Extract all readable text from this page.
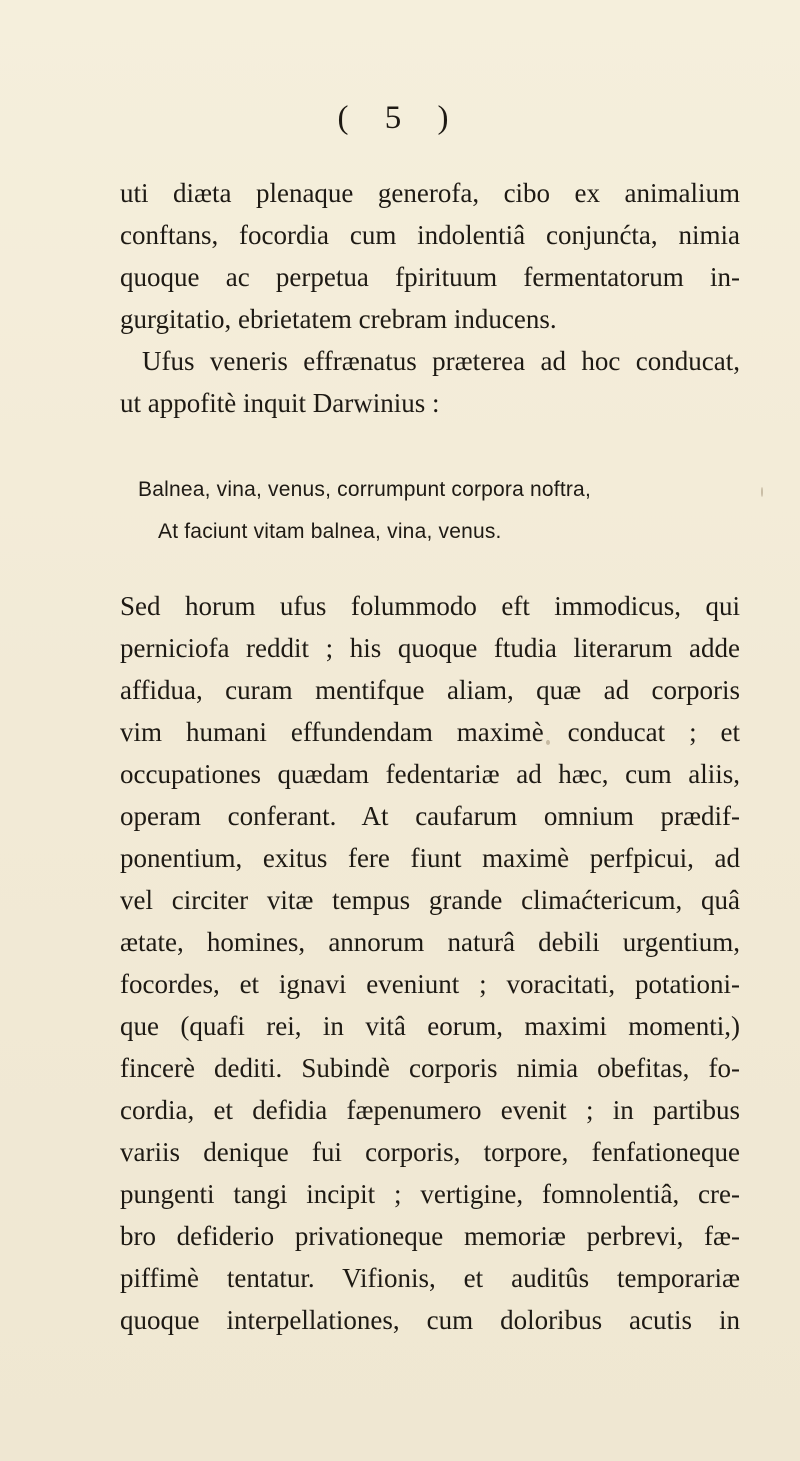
( 5 )
uti diæta plenaque generofa, cibo ex animalium
conftans, focordia cum indolentiâ conjunćta, nimia
quoque ac perpetua fpirituum fermentatorum in-
gurgitatio, ebrietatem crebram inducens.
Ufus veneris effrænatus præterea ad hoc conducat,
ut appofitè inquit Darwinius :
Balnea, vina, venus, corrumpunt corpora noftra,
At faciunt vitam balnea, vina, venus.
Sed horum ufus folummodo eft immodicus, qui
perniciofa reddit ; his quoque ftudia literarum adde
affidua, curam mentifque aliam, quæ ad corporis
vim humani effundendam maximè conducat ; et
occupationes quædam fedentariæ ad hæc, cum aliis,
operam conferant. At caufarum omnium prædif-
ponentium, exitus fere fiunt maximè perfpicui, ad
vel circiter vitæ tempus grande climaćtericum, quâ
ætate, homines, annorum naturâ debili urgentium,
focordes, et ignavi eveniunt ; voracitati, potationi-
que (quafi rei, in vitâ eorum, maximi momenti,)
fincerè dediti. Subindè corporis nimia obefitas, fo-
cordia, et defidia fæpenumero evenit ; in partibus
variis denique fui corporis, torpore, fenfationeque
pungenti tangi incipit ; vertigine, fomnolentiâ, cre-
bro defiderio privationeque memoriæ perbrevi, fæ-
piffimè tentatur. Vifionis, et auditûs temporariæ
quoque interpellationes, cum doloribus acutis in
